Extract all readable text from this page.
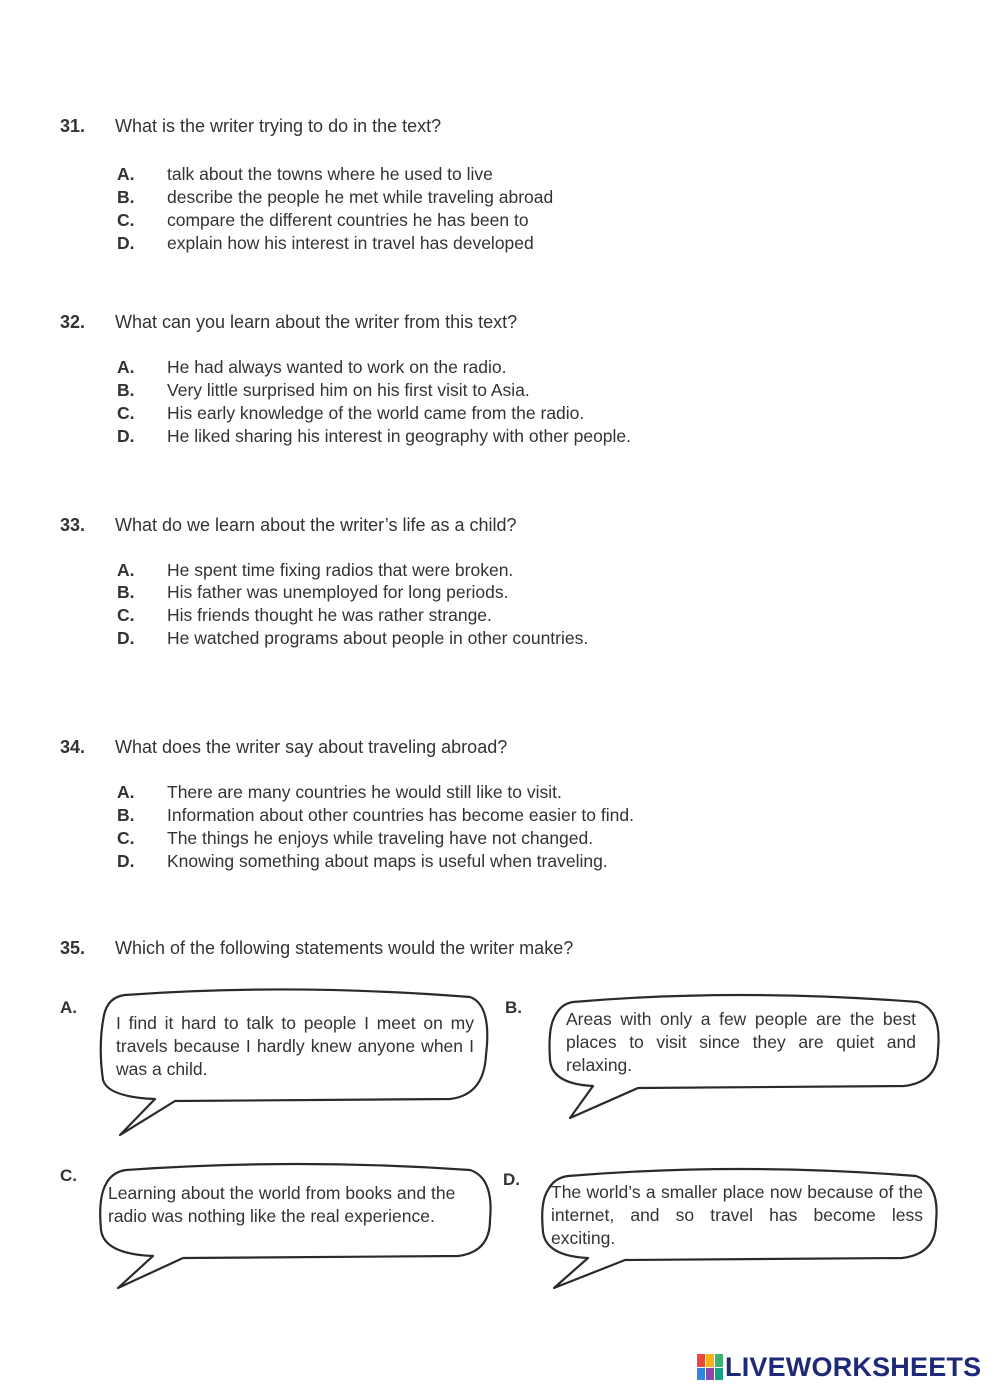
31. What is the writer trying to do in the text?
A. talk about the towns where he used to live
B. describe the people he met while traveling abroad
C. compare the different countries he has been to
D. explain how his interest in travel has developed
32. What can you learn about the writer from this text?
A. He had always wanted to work on the radio.
B. Very little surprised him on his first visit to Asia.
C. His early knowledge of the world came from the radio.
D. He liked sharing his interest in geography with other people.
33. What do we learn about the writer’s life as a child?
A. He spent time fixing radios that were broken.
B. His father was unemployed for long periods.
C. His friends thought he was rather strange.
D. He watched programs about people in other countries.
34. What does the writer say about traveling abroad?
A. There are many countries he would still like to visit.
B. Information about other countries has become easier to find.
C. The things he enjoys while traveling have not changed.
D. Knowing something about maps is useful when traveling.
35. Which of the following statements would the writer make?
A.
I find it hard to talk to people I meet on my travels because I hardly knew anyone when I was a child.
B.
Areas with only a few people are the best places to visit since they are quiet and relaxing.
C.
Learning about the world from books and the radio was nothing like the real experience.
D.
The world’s a smaller place now because of the internet, and so travel has become less exciting.
LIVEWORKSHEETS
